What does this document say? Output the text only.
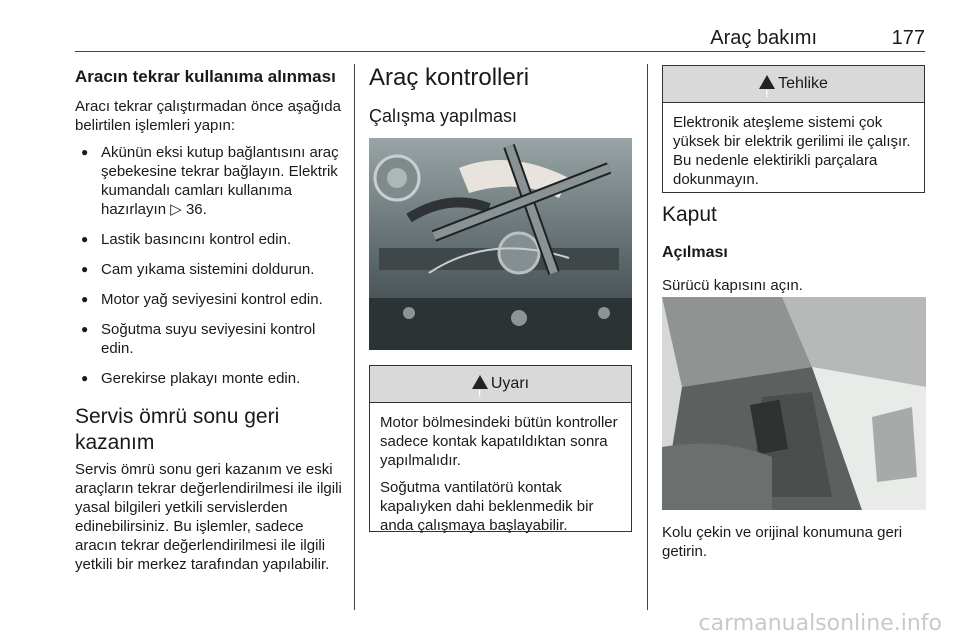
Araç bakımı	177
Aracın tekrar kullanıma alınması

Aracı tekrar çalıştırmadan önce aşağıda belirtilen işlemleri yapın:

● Akünün eksi kutup bağlantısını araç şebekesine tekrar bağlayın. Elektrik kumandalı camları kullanıma hazırlayın ▷ 36.
● Lastik basıncını kontrol edin.
● Cam yıkama sistemini doldurun.
● Motor yağ seviyesini kontrol edin.
● Soğutma suyu seviyesini kontrol edin.
● Gerekirse plakayı monte edin.
Servis ömrü sonu geri kazanım

Servis ömrü sonu geri kazanım ve eski araçların tekrar değerlendirilmesi ile ilgili yasal bilgileri yetkili servislerden edinebilirsiniz. Bu işlemler, sadece aracın tekrar değerlendirilmesi ile ilgili yetkili bir merkez tarafından yapılabilir.

Araç kontrolleri
Çalışma yapılması
!Uyarı

Motor bölmesindeki bütün kontroller sadece kontak kapatıldıktan sonra yapılmalıdır.

Soğutma vantilatörü kontak kapalıyken dahi beklenmedik bir anda çalışmaya başlayabilir.

!Tehlike

Elektronik ateşleme sistemi çok yüksek bir elektrik gerilimi ile çalışır. Bu nedenle elektirikli parçalara dokunmayın.

Kaput
Açılması

Sürücü kapısını açın.

Kolu çekin ve orijinal konumuna geri getirin.

carmanualsonline.info
